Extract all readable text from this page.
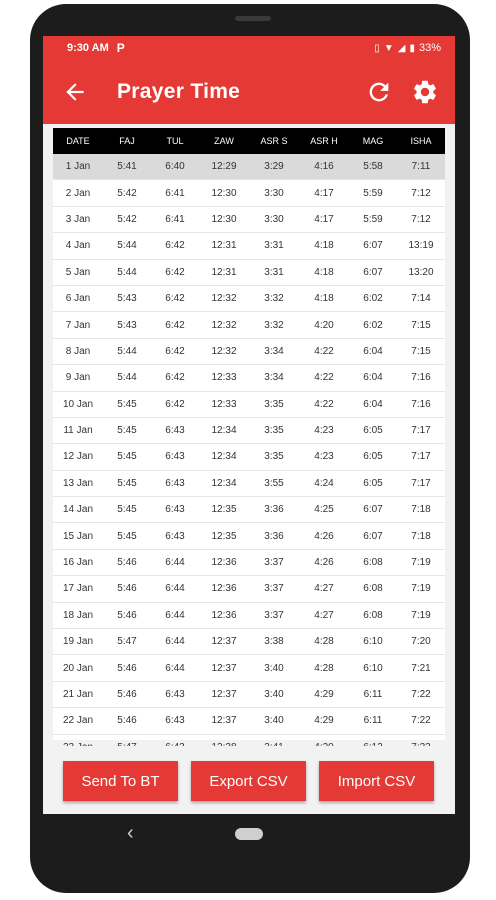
9:30 AM P	▯ ▼ ◢ ▮ 33%
Prayer Time
DATE	FAJ	TUL	ZAW	ASR S	ASR H	MAG	ISHA
1 Jan	5:41	6:40	12:29	3:29	4:16	5:58	7:11
2 Jan	5:42	6:41	12:30	3:30	4:17	5:59	7:12
3 Jan	5:42	6:41	12:30	3:30	4:17	5:59	7:12
4 Jan	5:44	6:42	12:31	3:31	4:18	6:07	13:19
5 Jan	5:44	6:42	12:31	3:31	4:18	6:07	13:20
6 Jan	5:43	6:42	12:32	3:32	4:18	6:02	7:14
7 Jan	5:43	6:42	12:32	3:32	4:20	6:02	7:15
8 Jan	5:44	6:42	12:32	3:34	4:22	6:04	7:15
9 Jan	5:44	6:42	12:33	3:34	4:22	6:04	7:16
10 Jan	5:45	6:42	12:33	3:35	4:22	6:04	7:16
11 Jan	5:45	6:43	12:34	3:35	4:23	6:05	7:17
12 Jan	5:45	6:43	12:34	3:35	4:23	6:05	7:17
13 Jan	5:45	6:43	12:34	3:55	4:24	6:05	7:17
14 Jan	5:45	6:43	12:35	3:36	4:25	6:07	7:18
15 Jan	5:45	6:43	12:35	3:36	4:26	6:07	7:18
16 Jan	5:46	6:44	12:36	3:37	4:26	6:08	7:19
17 Jan	5:46	6:44	12:36	3:37	4:27	6:08	7:19
18 Jan	5:46	6:44	12:36	3:37	4:27	6:08	7:19
19 Jan	5:47	6:44	12:37	3:38	4:28	6:10	7:20
20 Jan	5:46	6:44	12:37	3:40	4:28	6:10	7:21
21 Jan	5:46	6:43	12:37	3:40	4:29	6:11	7:22
22 Jan	5:46	6:43	12:37	3:40	4:29	6:11	7:22

Send To BT	Export CSV	Import CSV
‹
